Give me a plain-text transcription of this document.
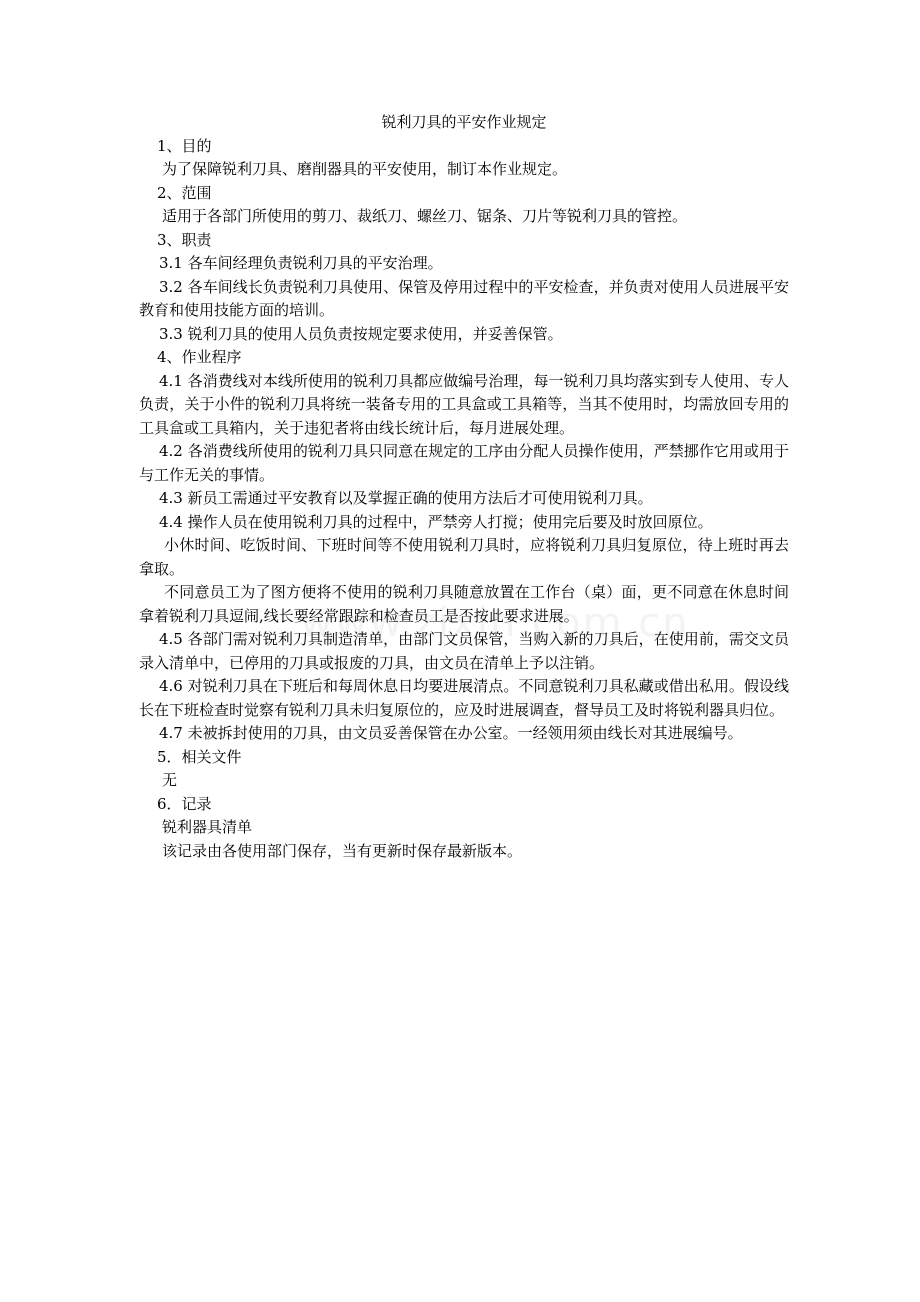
锐利刀具的平安作业规定

1、目的

为了保障锐利刀具、磨削器具的平安使用，制订本作业规定。

2、范围

适用于各部门所使用的剪刀、裁纸刀、螺丝刀、锯条、刀片等锐利刀具的管控。

3、职责

3.1 各车间经理负责锐利刀具的平安治理。

3.2 各车间线长负责锐利刀具使用、保管及停用过程中的平安检查，并负责对使用人员进展平安教育和使用技能方面的培训。

3.3 锐利刀具的使用人员负责按规定要求使用，并妥善保管。

4、作业程序

4.1 各消费线对本线所使用的锐利刀具都应做编号治理，每一锐利刀具均落实到专人使用、专人负责，关于小件的锐利刀具将统一装备专用的工具盒或工具箱等，当其不使用时，均需放回专用的工具盒或工具箱内，关于违犯者将由线长统计后，每月进展处理。

4.2 各消费线所使用的锐利刀具只同意在规定的工序由分配人员操作使用，严禁挪作它用或用于与工作无关的事情。

4.3 新员工需通过平安教育以及掌握正确的使用方法后才可使用锐利刀具。

4.4 操作人员在使用锐利刀具的过程中，严禁旁人打搅；使用完后要及时放回原位。

小休时间、吃饭时间、下班时间等不使用锐利刀具时，应将锐利刀具归复原位，待上班时再去拿取。

不同意员工为了图方便将不使用的锐利刀具随意放置在工作台（桌）面，更不同意在休息时间拿着锐利刀具逗闹,线长要经常跟踪和检查员工是否按此要求进展。

4.5 各部门需对锐利刀具制造清单，由部门文员保管，当购入新的刀具后，在使用前，需交文员录入清单中，已停用的刀具或报废的刀具，由文员在清单上予以注销。

4.6 对锐利刀具在下班后和每周休息日均要进展清点。不同意锐利刀具私藏或借出私用。假设线长在下班检查时觉察有锐利刀具未归复原位的，应及时进展调查，督导员工及时将锐利器具归位。

4.7 未被拆封使用的刀具，由文员妥善保管在办公室。一经领用须由线长对其进展编号。

5．相关文件

无

6．记录

锐利器具清单

该记录由各使用部门保存，当有更新时保存最新版本。
